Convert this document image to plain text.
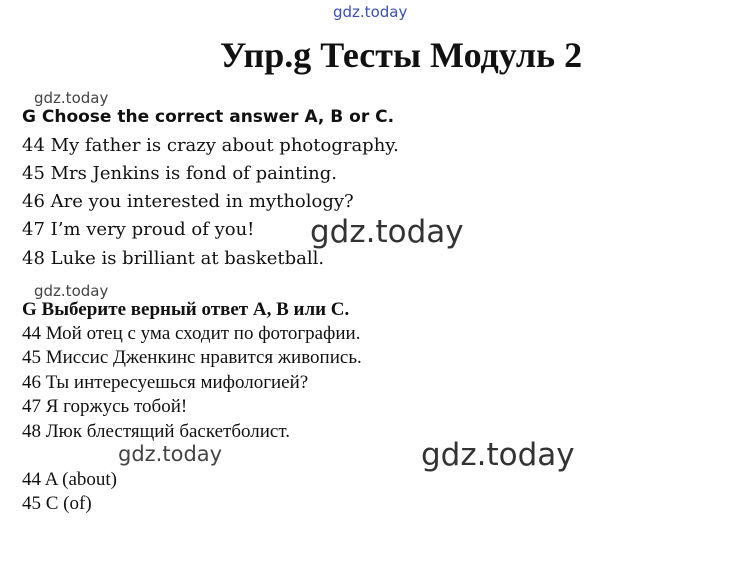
gdz.today
Упр.g Тесты Модуль 2
gdz.today
G Choose the correct answer A, B or C.
44 My father is crazy about photography.
45 Mrs Jenkins is fond of painting.
46 Are you interested in mythology?
47 I’m very proud of you!
48 Luke is brilliant at basketball.
gdz.today
gdz.today
G Выберите верный ответ А, В или С.
44 Мой отец с ума сходит по фотографии.
45 Миссис Дженкинс нравится живопись.
46 Ты интересуешься мифологией?
47 Я горжусь тобой!
48 Люк блестящий баскетболист.
gdz.today	gdz.today
44 A (about)
45 C (of)
